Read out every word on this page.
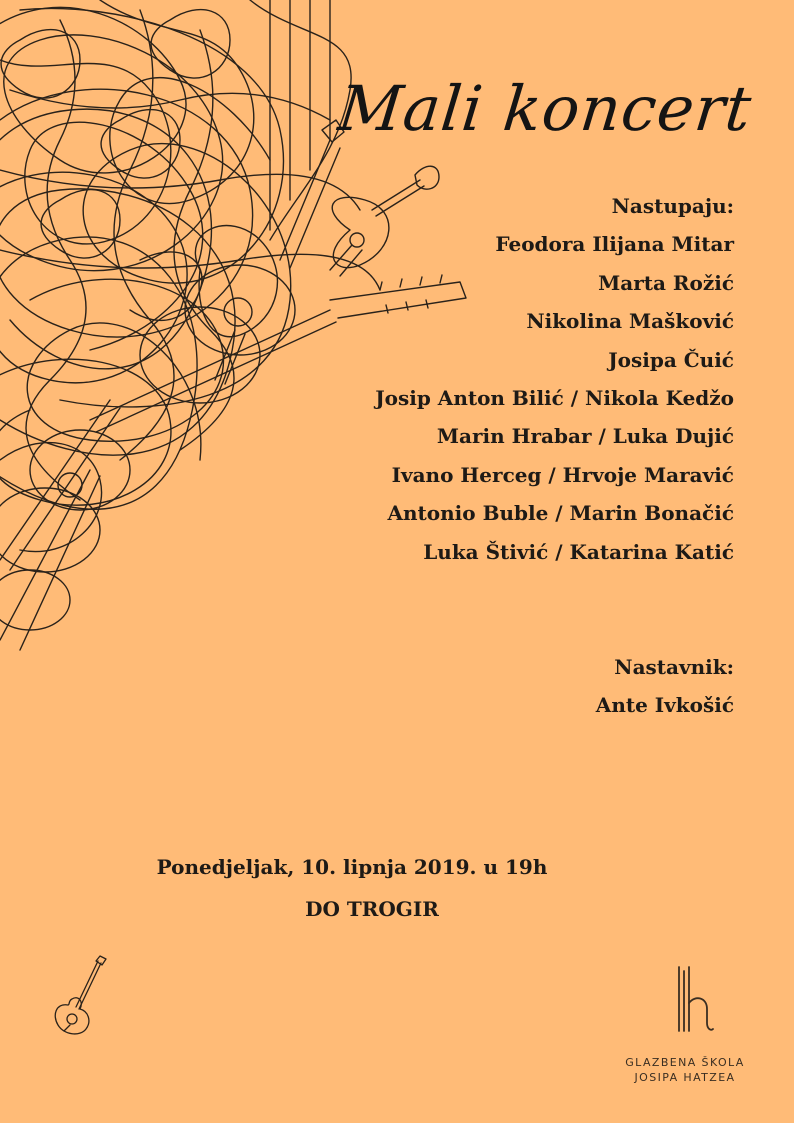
Mali koncert
Nastupaju:
Feodora Ilijana Mitar
Marta Rožić
Nikolina Mašković
Josipa Čuić
Josip Anton Bilić / Nikola Kedžo
Marin Hrabar / Luka Dujić
Ivano Herceg / Hrvoje Maravić
Antonio Buble / Marin Bonačić
Luka Štivić / Katarina Katić
Nastavnik:
Ante Ivkošić
Ponedjeljak, 10. lipnja 2019. u 19h
DO TROGIR
GLAZBENA ŠKOLA
JOSIPA HATZEA
